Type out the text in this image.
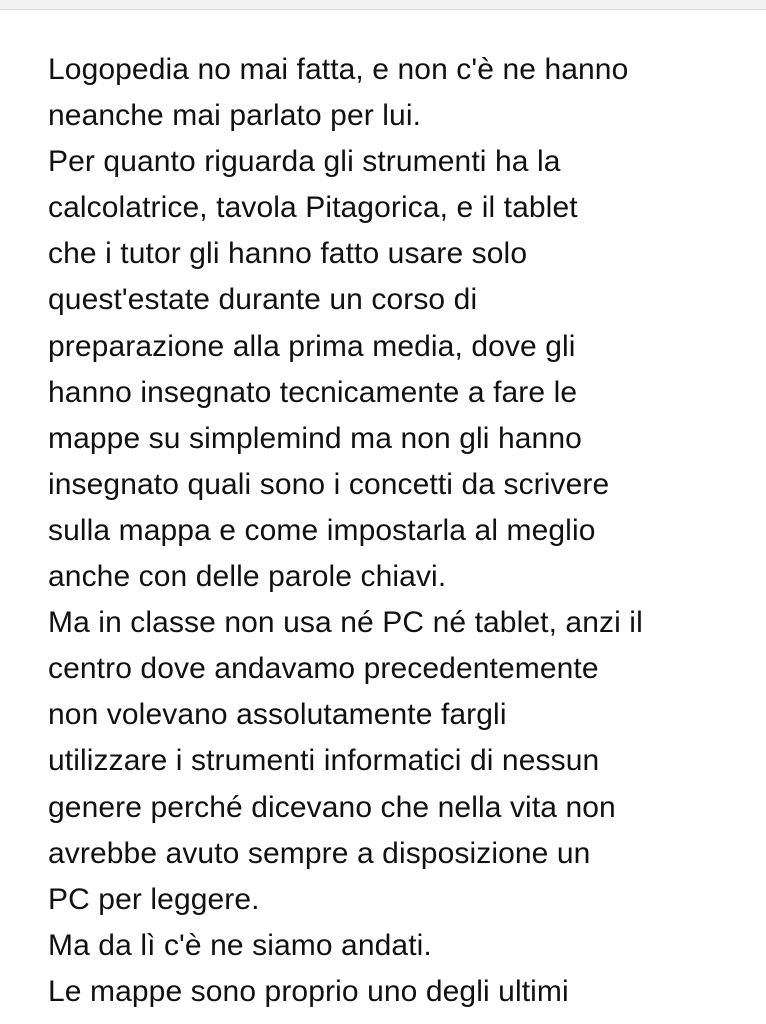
Logopedia no mai fatta, e non c'è ne hanno
neanche mai parlato per lui.
Per quanto riguarda gli strumenti ha la
calcolatrice, tavola Pitagorica, e il tablet
che i tutor gli hanno fatto usare solo
quest'estate durante un corso di
preparazione alla prima media, dove gli
hanno insegnato tecnicamente a fare le
mappe su simplemind ma non gli hanno
insegnato quali sono i concetti da scrivere
sulla mappa e come impostarla al meglio
anche con delle parole chiavi.
Ma in classe non usa né PC né tablet, anzi il
centro dove andavamo precedentemente
non volevano assolutamente fargli
utilizzare i strumenti informatici di nessun
genere perché dicevano che nella vita non
avrebbe avuto sempre a disposizione un
PC per leggere.
Ma da lì c'è ne siamo andati.
Le mappe sono proprio uno degli ultimi
